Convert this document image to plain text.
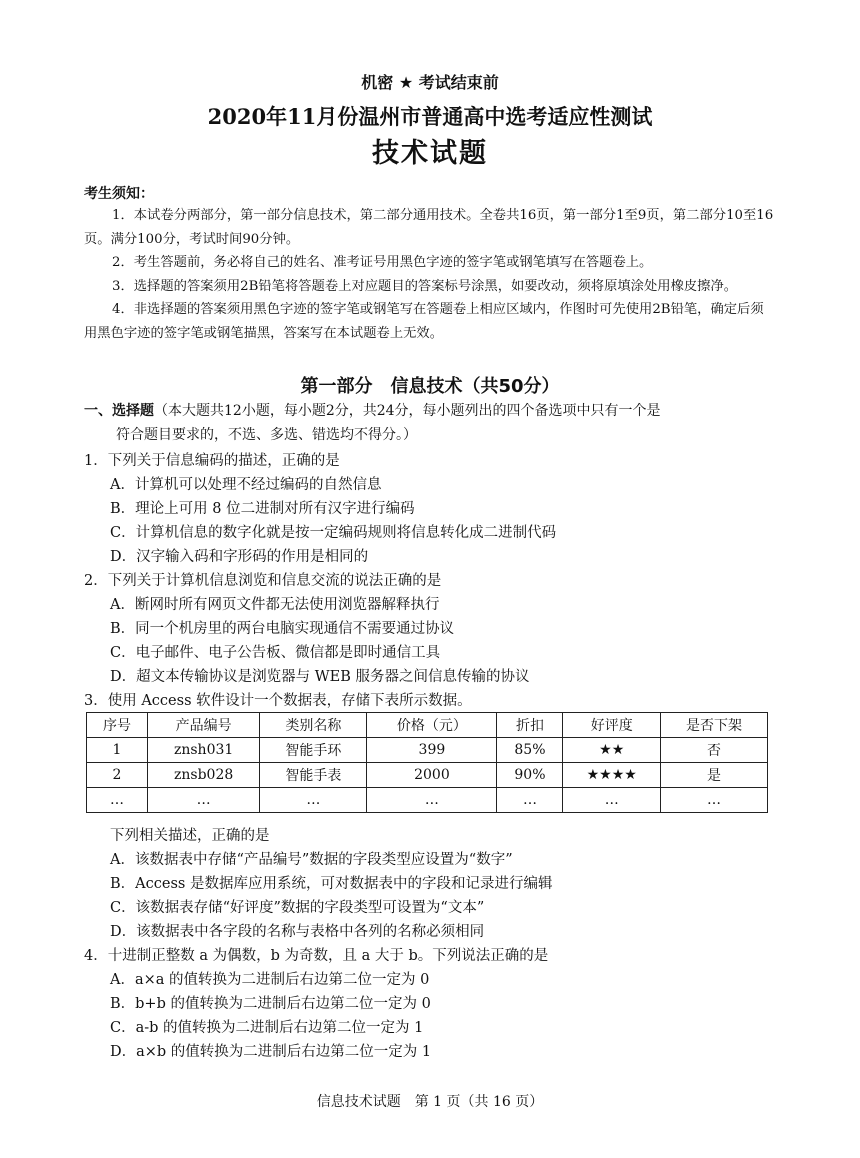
机密 ★ 考试结束前
2020年11月份温州市普通高中选考适应性测试
技术试题
考生须知：

1．本试卷分两部分，第一部分信息技术，第二部分通用技术。全卷共16页，第一部分1至9页，第二部分10至16页。满分100分，考试时间90分钟。

2．考生答题前，务必将自己的姓名、准考证号用黑色字迹的签字笔或钢笔填写在答题卷上。

3．选择题的答案须用2B铅笔将答题卷上对应题目的答案标号涂黑，如要改动，须将原填涂处用橡皮擦净。

4．非选择题的答案须用黑色字迹的签字笔或钢笔写在答题卷上相应区域内，作图时可先使用2B铅笔，确定后须用黑色字迹的签字笔或钢笔描黑，答案写在本试题卷上无效。

第一部分　信息技术（共50分）
一、选择题（本大题共12小题，每小题2分，共24分，每小题列出的四个备选项中只有一个是
符合题目要求的，不选、多选、错选均不得分。）
1．下列关于信息编码的描述，正确的是
A．计算机可以处理不经过编码的自然信息
B．理论上可用 8 位二进制对所有汉字进行编码
C．计算机信息的数字化就是按一定编码规则将信息转化成二进制代码
D．汉字输入码和字形码的作用是相同的
2．下列关于计算机信息浏览和信息交流的说法正确的是
A．断网时所有网页文件都无法使用浏览器解释执行
B．同一个机房里的两台电脑实现通信不需要通过协议
C．电子邮件、电子公告板、微信都是即时通信工具
D．超文本传输协议是浏览器与 WEB 服务器之间信息传输的协议
3．使用 Access 软件设计一个数据表，存储下表所示数据。
序号	产品编号	类别名称	价格（元）	折扣	好评度	是否下架
1	znsh031	智能手环	399	85%	★★	否
2	znsb028	智能手表	2000	90%	★★★★	是
…	…	…	…	…	…	…
下列相关描述，正确的是
A．该数据表中存储“产品编号”数据的字段类型应设置为“数字”
B．Access 是数据库应用系统，可对数据表中的字段和记录进行编辑
C．该数据表存储“好评度”数据的字段类型可设置为“文本”
D．该数据表中各字段的名称与表格中各列的名称必须相同
4．十进制正整数 a 为偶数，b 为奇数，且 a 大于 b。下列说法正确的是
A．a×a 的值转换为二进制后右边第二位一定为 0
B．b+b 的值转换为二进制后右边第二位一定为 0
C．a-b 的值转换为二进制后右边第二位一定为 1
D．a×b 的值转换为二进制后右边第二位一定为 1
信息技术试题　第 1 页（共 16 页）
